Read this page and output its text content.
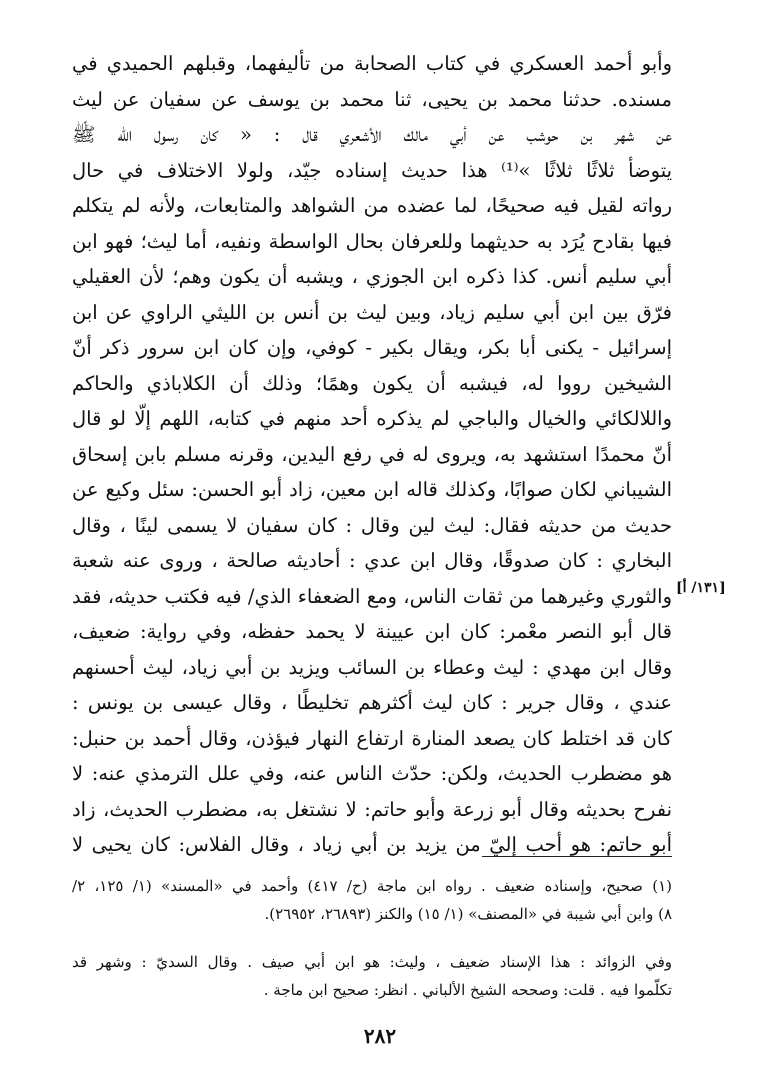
وأبو أحمد العسكري في كتاب الصحابة من تأليفهما، وقبلهم الحميدي في
مسنده. حدثنا محمد بن يحيى، ثنا محمد بن يوسف عن سفيان عن ليث
عن شهر بن حوشب عن أبي مالك الأشعري قال : « كان رسول الله ﷺ
يتوضأ ثلاثًا ثلاثًا »⁽¹⁾ هذا حديث إسناده جيّد، ولولا الاختلاف في حال
رواته لقيل فيه صحيحًا، لما عضده من الشواهد والمتابعات، ولأنه لم يتكلم
فيها بقادح يُرَد به حديثهما وللعرفان بحال الواسطة ونفيه، أما ليث؛ فهو ابن
أبي سليم أنس. كذا ذكره ابن الجوزي ، ويشبه أن يكون وهم؛ لأن العقيلي
فرّق بين ابن أبي سليم زياد، وبين ليث بن أنس بن الليثي الراوي عن ابن
إسرائيل - يكنى أبا بكر، ويقال بكير - كوفي، وإن كان ابن سرور ذكر أنّ
الشيخين رووا له، فيشبه أن يكون وهمًا؛ وذلك أن الكلاباذي والحاكم
واللالكائي والخيال والباجي لم يذكره أحد منهم في كتابه، اللهم إلّا لو قال
أنّ محمدًا استشهد به، ويروى له في رفع اليدين، وقرنه مسلم بابن إسحاق
الشيباني لكان صوابًا، وكذلك قاله ابن معين، زاد أبو الحسن: سئل وكيع عن
حديث من حديثه فقال: ليث لين وقال : كان سفيان لا يسمى لينًا ، وقال
البخاري : كان صدوقًا، وقال ابن عدي : أحاديثه صالحة ، وروى عنه شعبة
والثوري وغيرهما من ثقات الناس، ومع الضعفاء الذي/ فيه فكتب حديثه، فقد
قال أبو النصر معْمر: كان ابن عيينة لا يحمد حفظه، وفي رواية: ضعيف،
وقال ابن مهدي : ليث وعطاء بن السائب ويزيد بن أبي زياد، ليث أحسنهم
عندي ، وقال جرير : كان ليث أكثرهم تخليطًا ، وقال عيسى بن يونس :
كان قد اختلط كان يصعد المنارة ارتفاع النهار فيؤذن، وقال أحمد بن حنبل:
هو مضطرب الحديث، ولكن: حدّث الناس عنه، وفي علل الترمذي عنه: لا
نفرح بحديثه وقال أبو زرعة وأبو حاتم: لا نشتغل به، مضطرب الحديث، زاد
أبو حاتم: هو أحب إليّ من يزيد بن أبي زياد ، وقال الفلاس: كان يحيى لا
[١٣١/ أ]
(١) صحيح، وإسناده ضعيف . رواه ابن ماجة (ح/ ٤١٧) وأحمد في «المسند» (١/ ١٢٥، ٢/
٨) وابن أبي شيبة في «المصنف» (١/ ١٥) والكنز (٢٦٨٩٣، ٢٦٩٥٢).
وفي الزوائد : هذا الإسناد ضعيف ، وليث: هو ابن أبي صيف . وقال السديّ : وشهر قد
تكلّموا فيه . قلت: وصححه الشيخ الألباني . انظر: صحيح ابن ماجة .
٢٨٢
